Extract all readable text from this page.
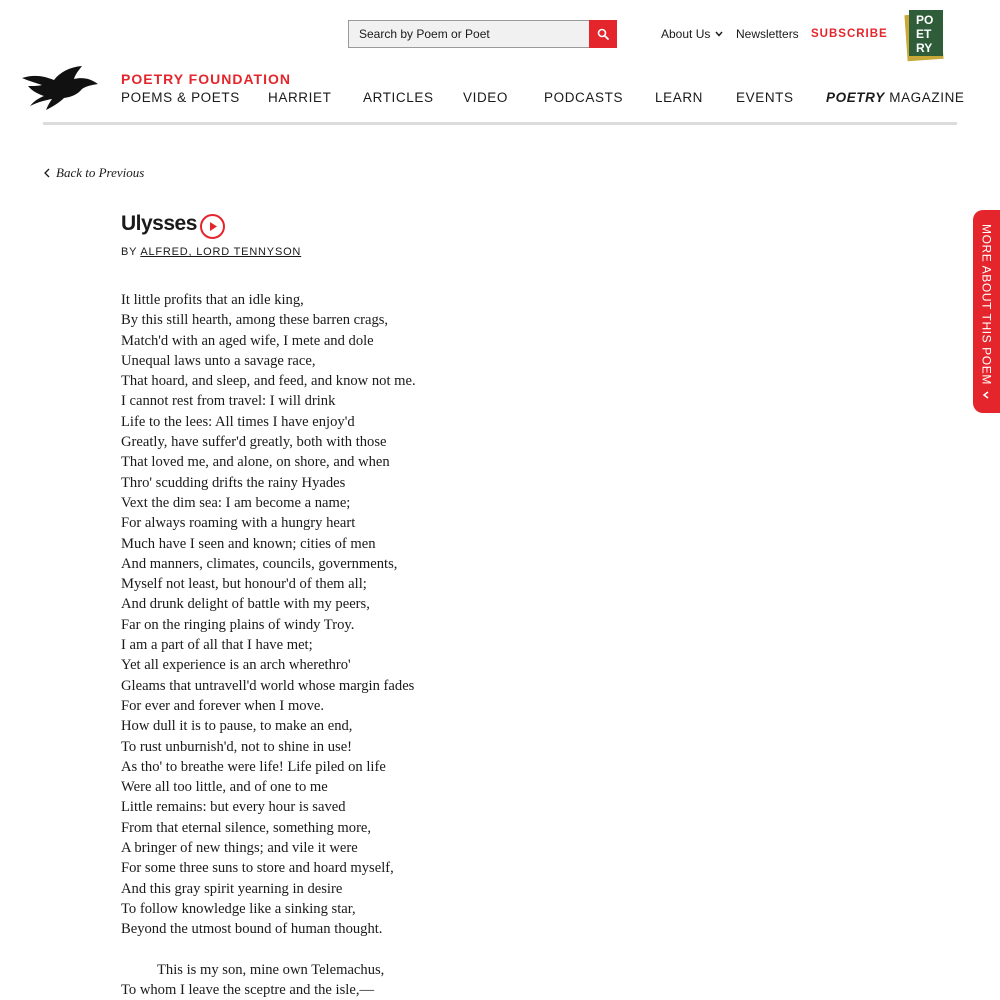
Search by Poem or Poet
About Us Newsletters SUBSCRIBE
PO
ET
RY
POETRY FOUNDATION
POEMS & POETS HARRIET ARTICLES VIDEO	PODCASTS LEARN EVENTS POETRY MAGAZINE
Back to Previous
Ulysses
BY ALFRED, LORD TENNYSON
It little profits that an idle king,
By this still hearth, among these barren crags,
Match'd with an aged wife, I mete and dole
Unequal laws unto a savage race,
That hoard, and sleep, and feed, and know not me.
I cannot rest from travel: I will drink
Life to the lees: All times I have enjoy'd
Greatly, have suffer'd greatly, both with those
That loved me, and alone, on shore, and when
Thro' scudding drifts the rainy Hyades
Vext the dim sea: I am become a name;
For always roaming with a hungry heart
Much have I seen and known; cities of men
And manners, climates, councils, governments,
Myself not least, but honour'd of them all;
And drunk delight of battle with my peers,
Far on the ringing plains of windy Troy.
I am a part of all that I have met;
Yet all experience is an arch wherethro'
Gleams that untravell'd world whose margin fades
For ever and forever when I move.
How dull it is to pause, to make an end,
To rust unburnish'd, not to shine in use!
As tho' to breathe were life! Life piled on life
Were all too little, and of one to me
Little remains: but every hour is saved
From that eternal silence, something more,
A bringer of new things; and vile it were
For some three suns to store and hoard myself,
And this gray spirit yearning in desire
To follow knowledge like a sinking star,
Beyond the utmost bound of human thought.
This is my son, mine own Telemachus,
To whom I leave the sceptre and the isle,—
MORE ABOUT THIS POEM
